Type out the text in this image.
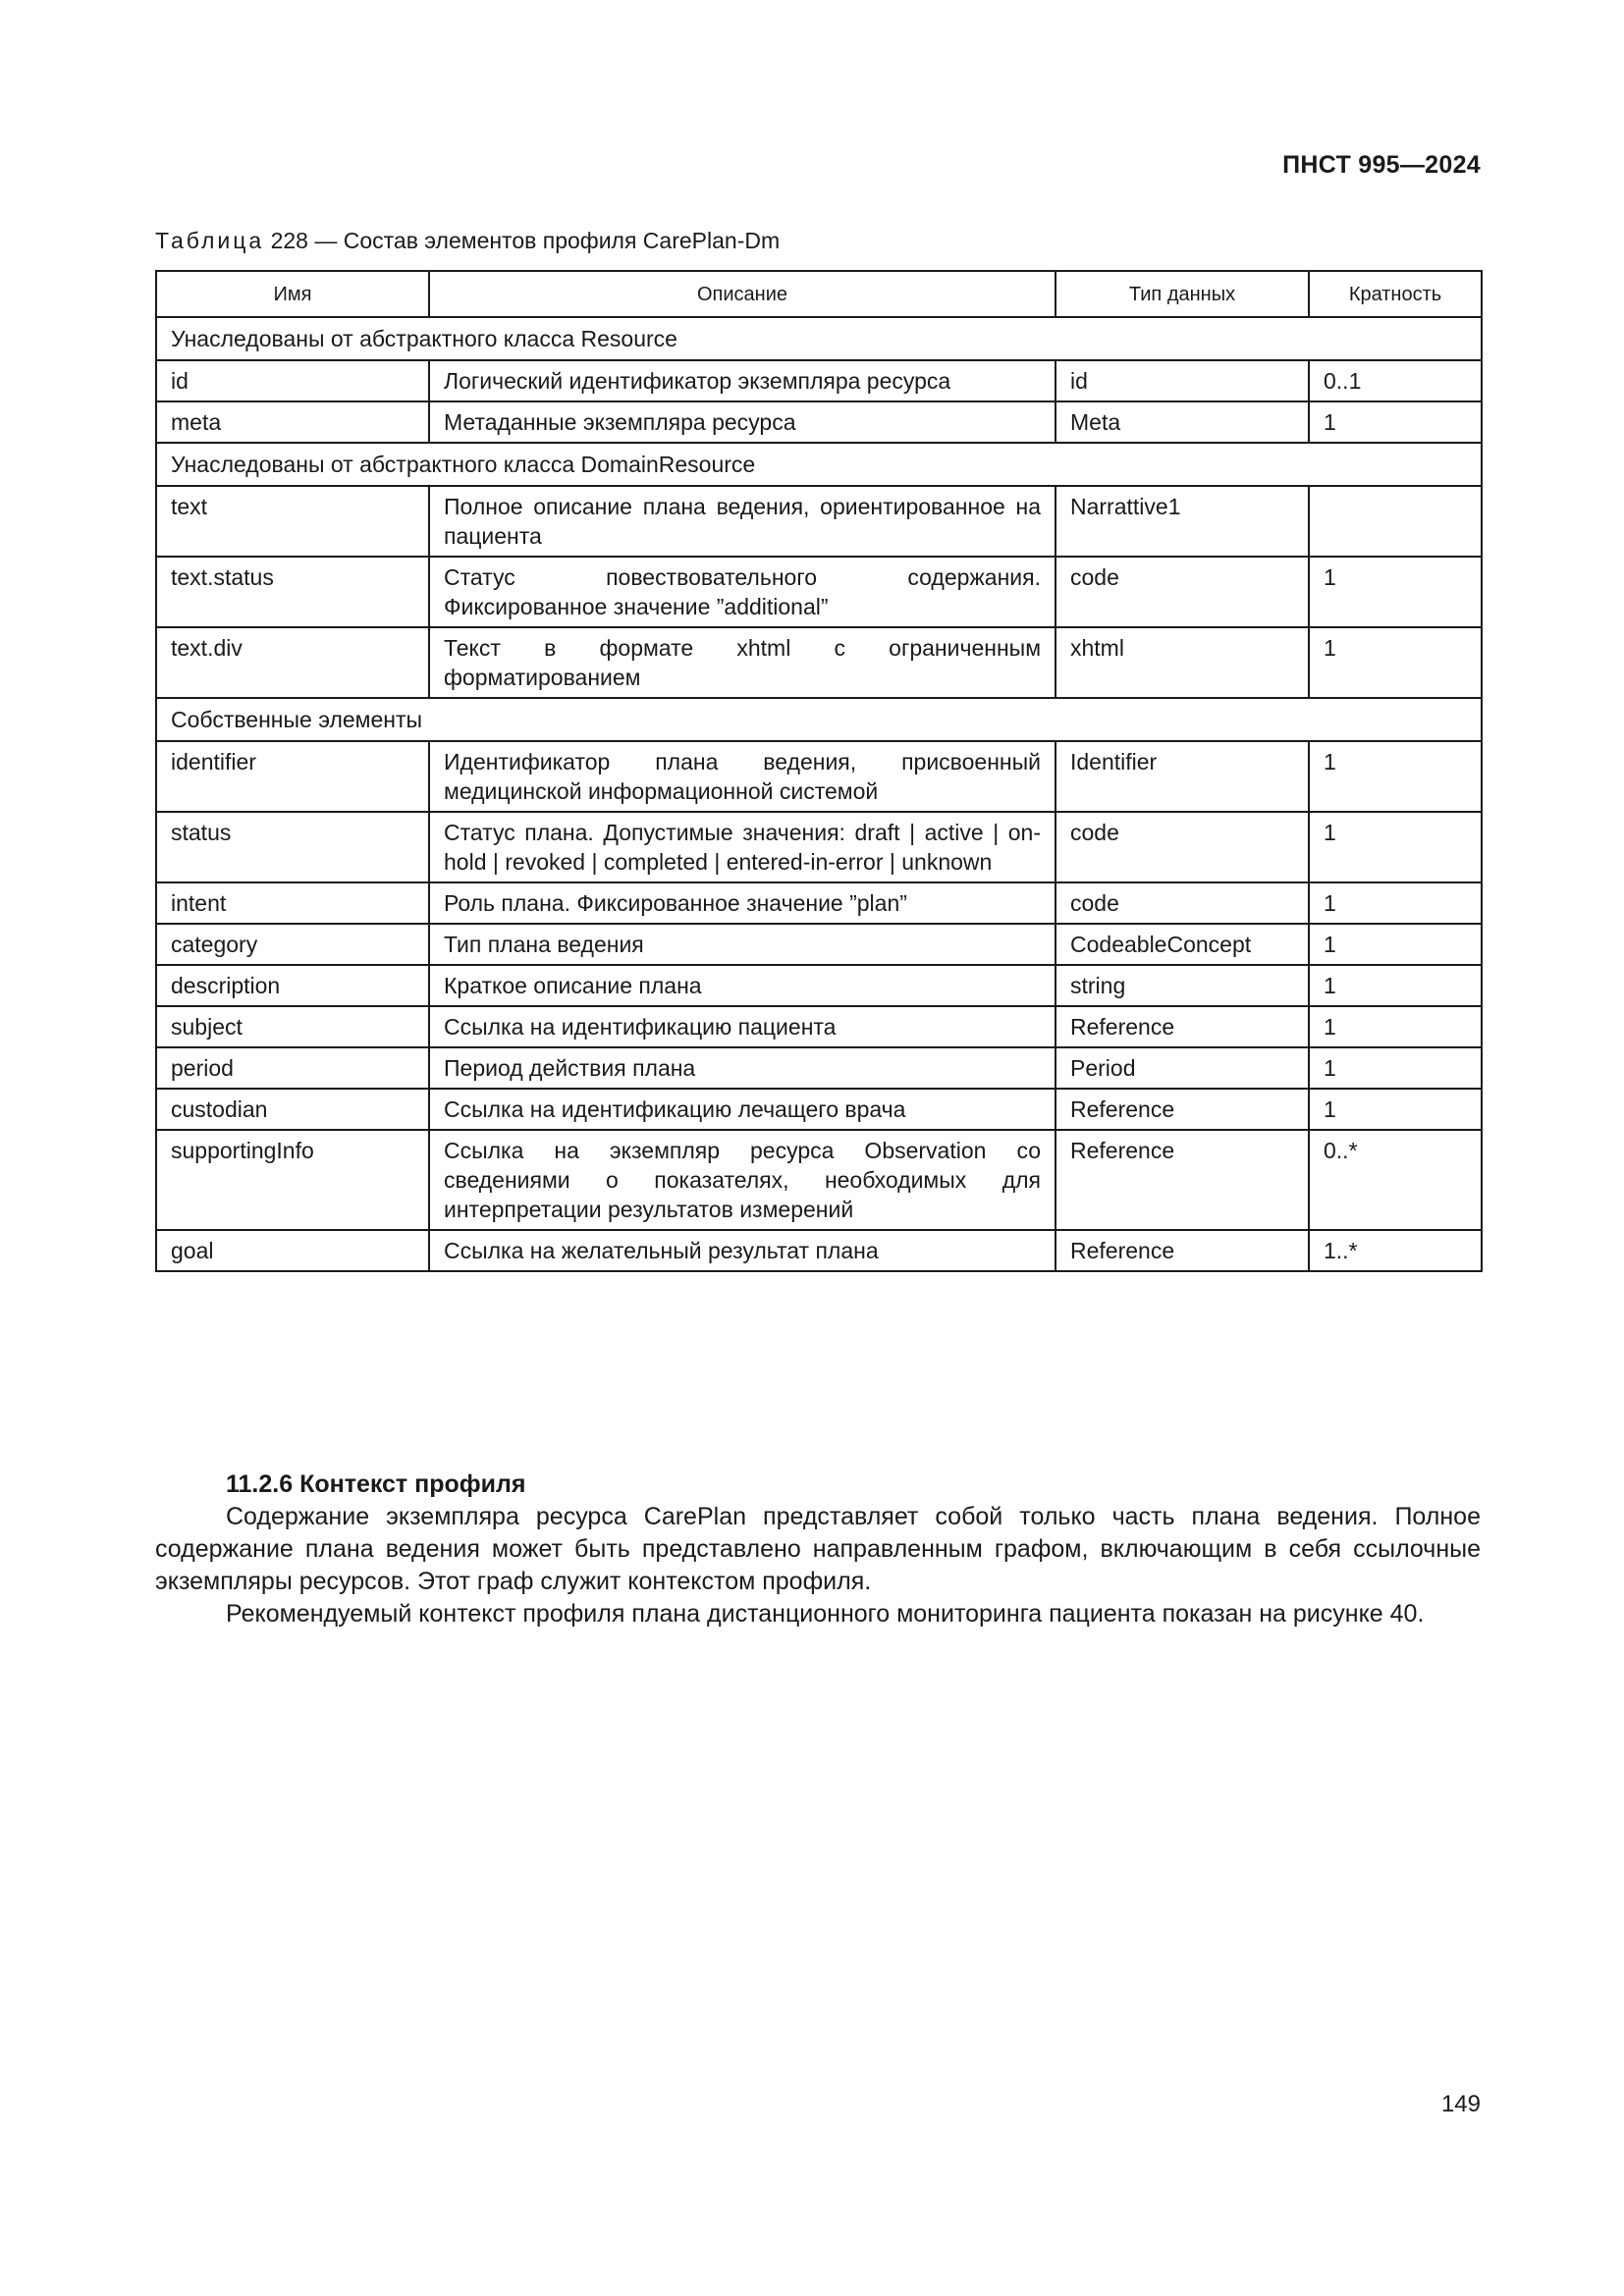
ПНСТ 995—2024
Таблица 228 — Состав элементов профиля CarePlan-Dm
Имя	Описание	Тип данных	Кратность
Унаследованы от абстрактного класса Resource			
id	Логический идентификатор экземпляра ресурса	id	0..1
meta	Метаданные экземпляра ресурса	Meta	1
Унаследованы от абстрактного класса DomainResource			
text	Полное описание плана ведения, ориентированное на пациента	Narrattive1	
text.status	Статус повествовательного содержания. Фиксированное значение ”additional”	code	1
text.div	Текст в формате xhtml с ограниченным форматированием	xhtml	1
Собственные элементы			
identifier	Идентификатор плана ведения, присвоенный медицинской информационной системой	Identifier	1
status	Статус плана. Допустимые значения: draft | active | on-hold | revoked | completed | entered-in-error | unknown	code	1
intent	Роль плана. Фиксированное значение ”plan”	code	1
category	Тип плана ведения	CodeableConcept	1
description	Краткое описание плана	string	1
subject	Ссылка на идентификацию пациента	Reference	1
period	Период действия плана	Period	1
custodian	Ссылка на идентификацию лечащего врача	Reference	1
supportingInfo	Ссылка на экземпляр ресурса Observation со сведениями о показателях, необходимых для интерпретации результатов измерений	Reference	0..*
goal	Ссылка на желательный результат плана	Reference	1..*
11.2.6 Контекст профиля

Содержание экземпляра ресурса CarePlan представляет собой только часть плана ведения. Полное содержание плана ведения может быть представлено направленным графом, включающим в себя ссылочные экземпляры ресурсов. Этот граф служит контекстом профиля.

Рекомендуемый контекст профиля плана дистанционного мониторинга пациента показан на рисунке 40.

149
